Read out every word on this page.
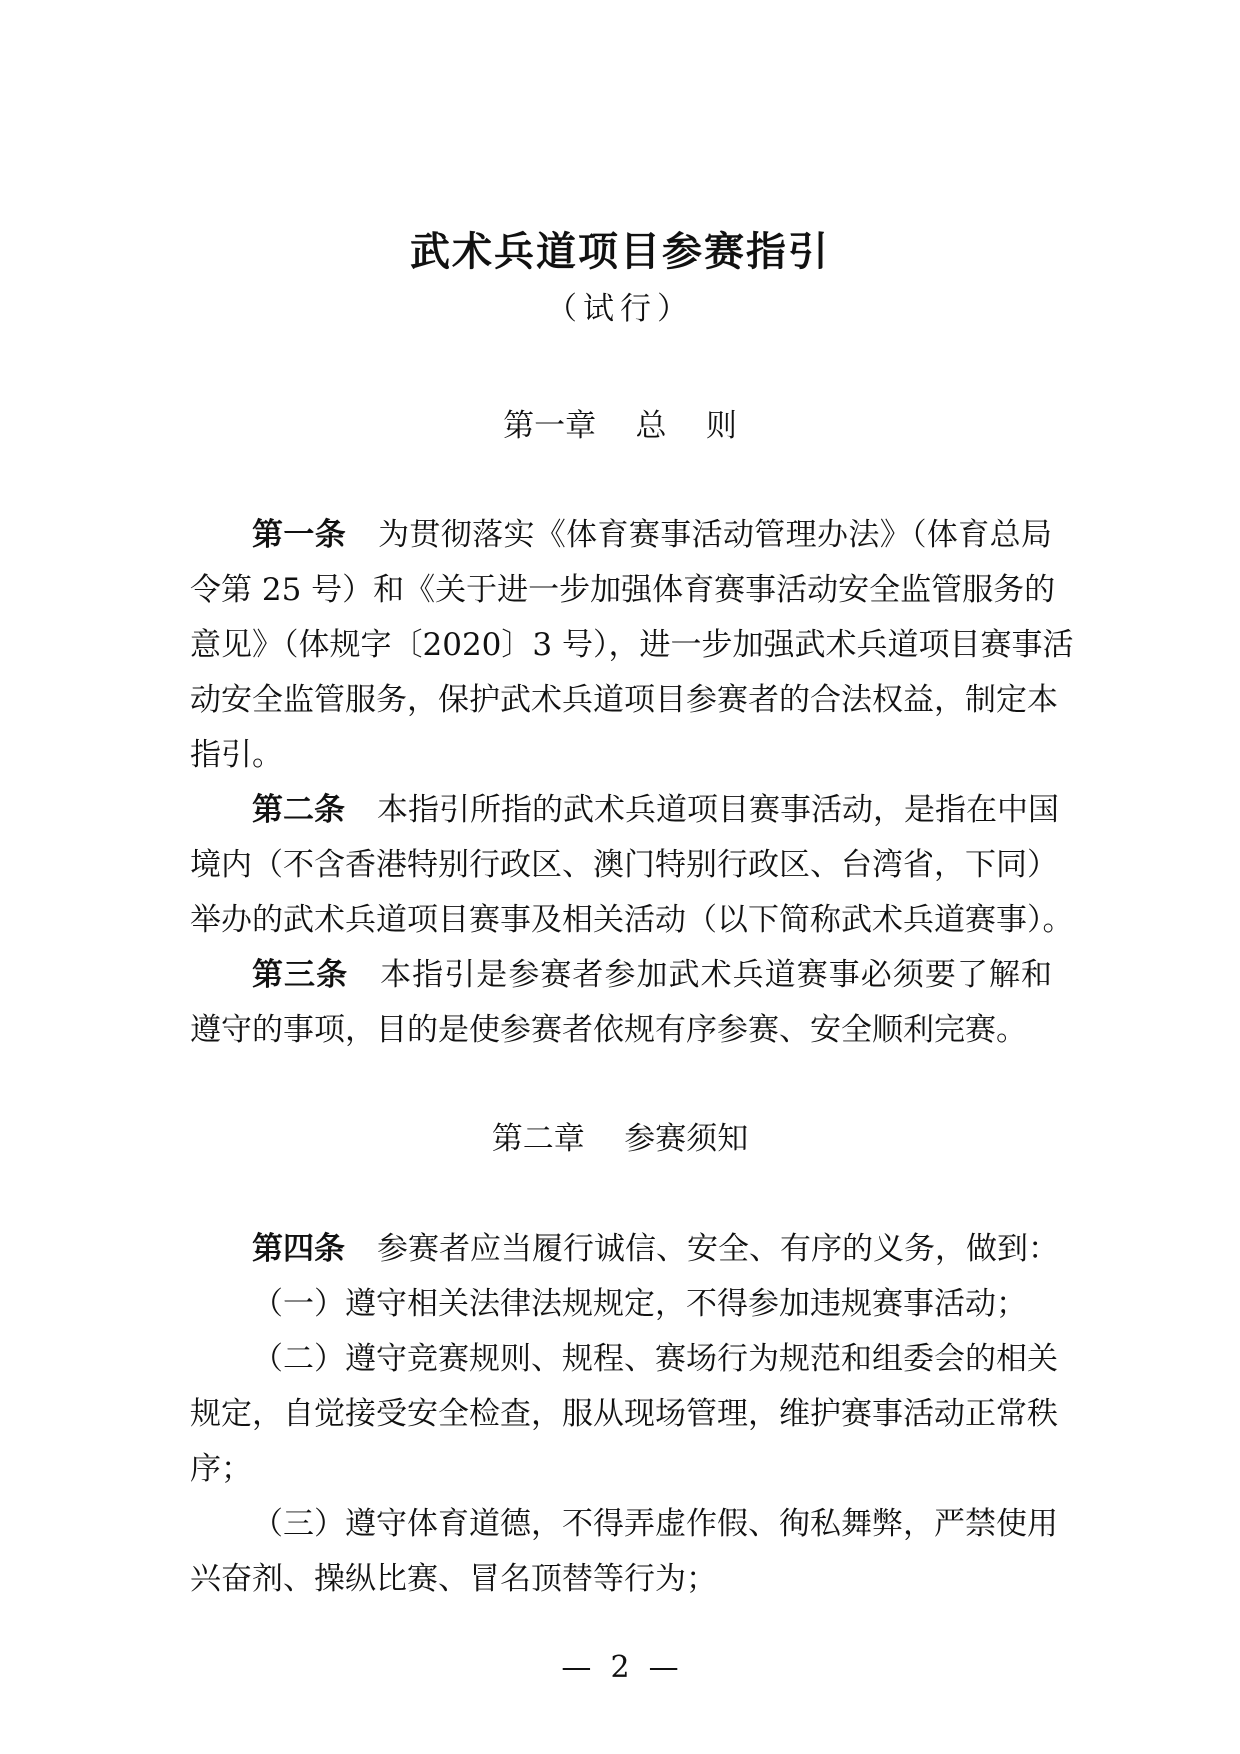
武术兵道项目参赛指引
（试行）
第一章    总    则
第一条 为贯彻落实《体育赛事活动管理办法》（体育总局
令第 25 号）和《关于进一步加强体育赛事活动安全监管服务的
意见》（体规字〔2020〕3 号），进一步加强武术兵道项目赛事活
动安全监管服务，保护武术兵道项目参赛者的合法权益，制定本
指引。
第二条 本指引所指的武术兵道项目赛事活动，是指在中国
境内（不含香港特别行政区、澳门特别行政区、台湾省，下同）
举办的武术兵道项目赛事及相关活动（以下简称武术兵道赛事）。
第三条 本指引是参赛者参加武术兵道赛事必须要了解和
遵守的事项，目的是使参赛者依规有序参赛、安全顺利完赛。
第二章    参赛须知
第四条 参赛者应当履行诚信、安全、有序的义务，做到：
（一）遵守相关法律法规规定，不得参加违规赛事活动；
（二）遵守竞赛规则、规程、赛场行为规范和组委会的相关
规定，自觉接受安全检查，服从现场管理，维护赛事活动正常秩
序；
（三）遵守体育道德，不得弄虚作假、徇私舞弊，严禁使用
兴奋剂、操纵比赛、冒名顶替等行为；
—  2  —
